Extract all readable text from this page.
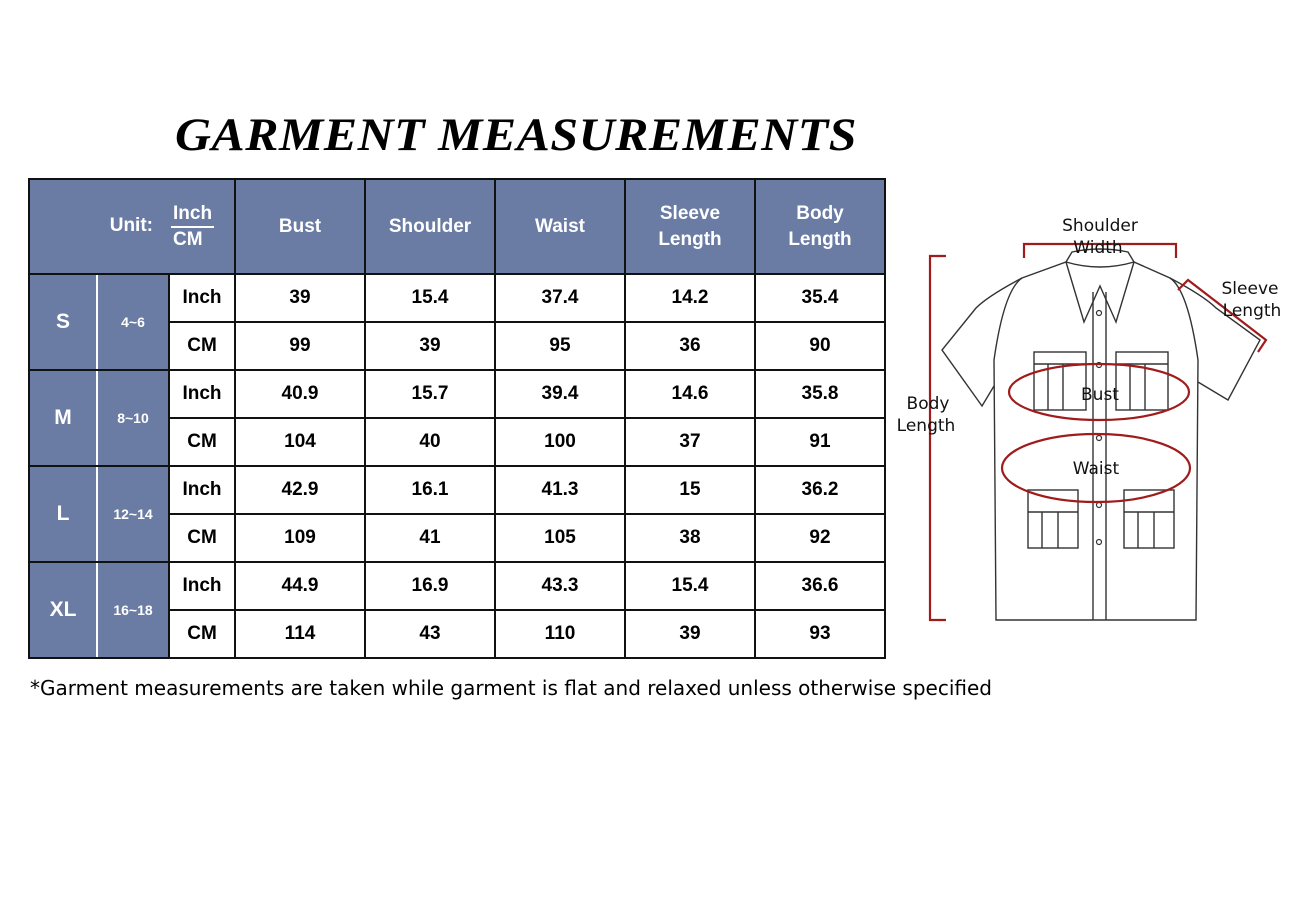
GARMENT MEASUREMENTS
Unit:		$\frac{\text{Inch}}{CM}$	Bust	Shoulder	Waist	Sleeve Length	Body Length
S	4~6	Inch	39	15.4	37.4	14.2	35.4
		CM	99	39	95	36	90
M	8~10	Inch	40.9	15.7	39.4	14.6	35.8
		CM	104	40	100	37	91
L	12~14	Inch	42.9	16.1	41.3	15	36.2
		CM	109	41	105	38	92
XL	16~18	Inch	44.9	16.9	43.3	15.4	36.6
		CM	114	43	110	39	93
*Garment measurements are taken while garment is flat and relaxed unless otherwise specified
Shoulder
Width
Sleeve
Length
Body
Length
Bust
Waist
